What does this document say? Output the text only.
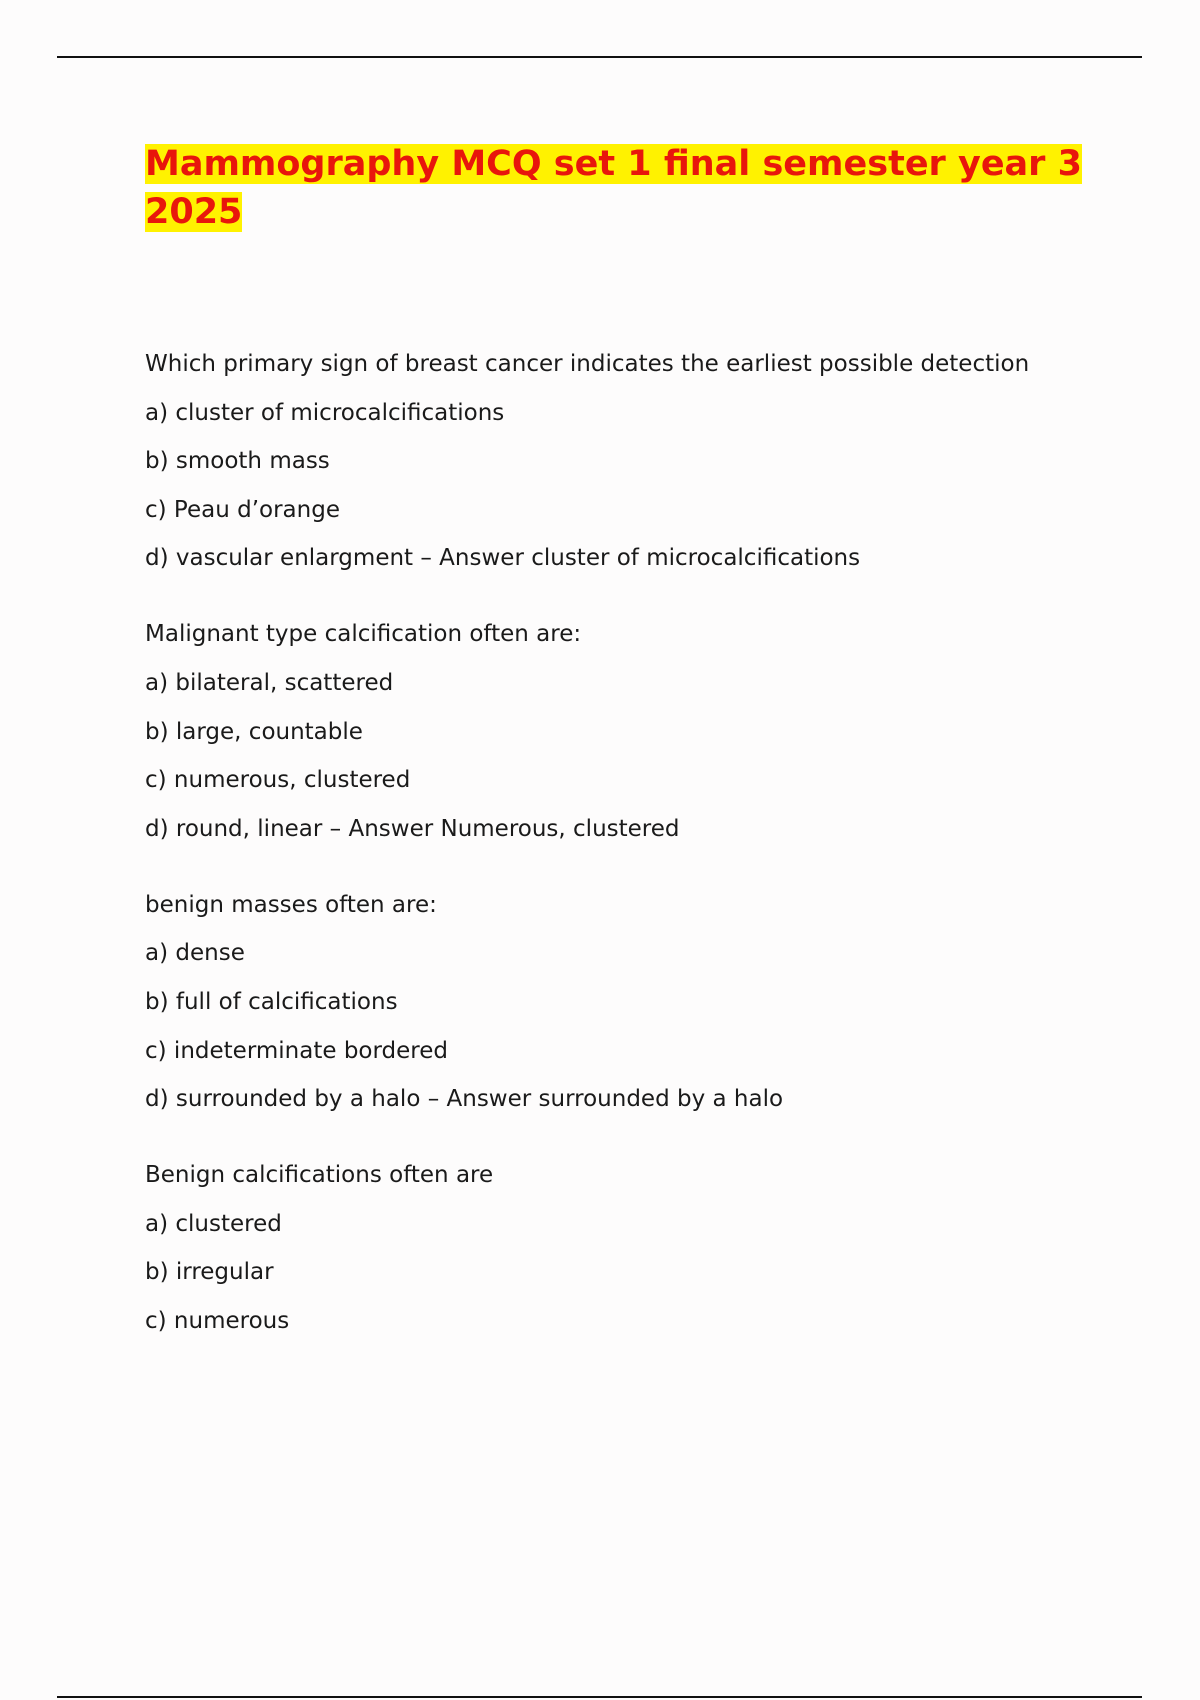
Mammography MCQ set 1 final semester year 3 2025
Which primary sign of breast cancer indicates the earliest possible detection
a) cluster of microcalcifications
b) smooth mass
c) Peau d’orange
d) vascular enlargment – Answer cluster of microcalcifications
Malignant type calcification often are:
a) bilateral, scattered
b) large, countable
c) numerous, clustered
d) round, linear – Answer Numerous, clustered
benign masses often are:
a) dense
b) full of calcifications
c) indeterminate bordered
d) surrounded by a halo – Answer surrounded by a halo
Benign calcifications often are
a) clustered
b) irregular
c) numerous
